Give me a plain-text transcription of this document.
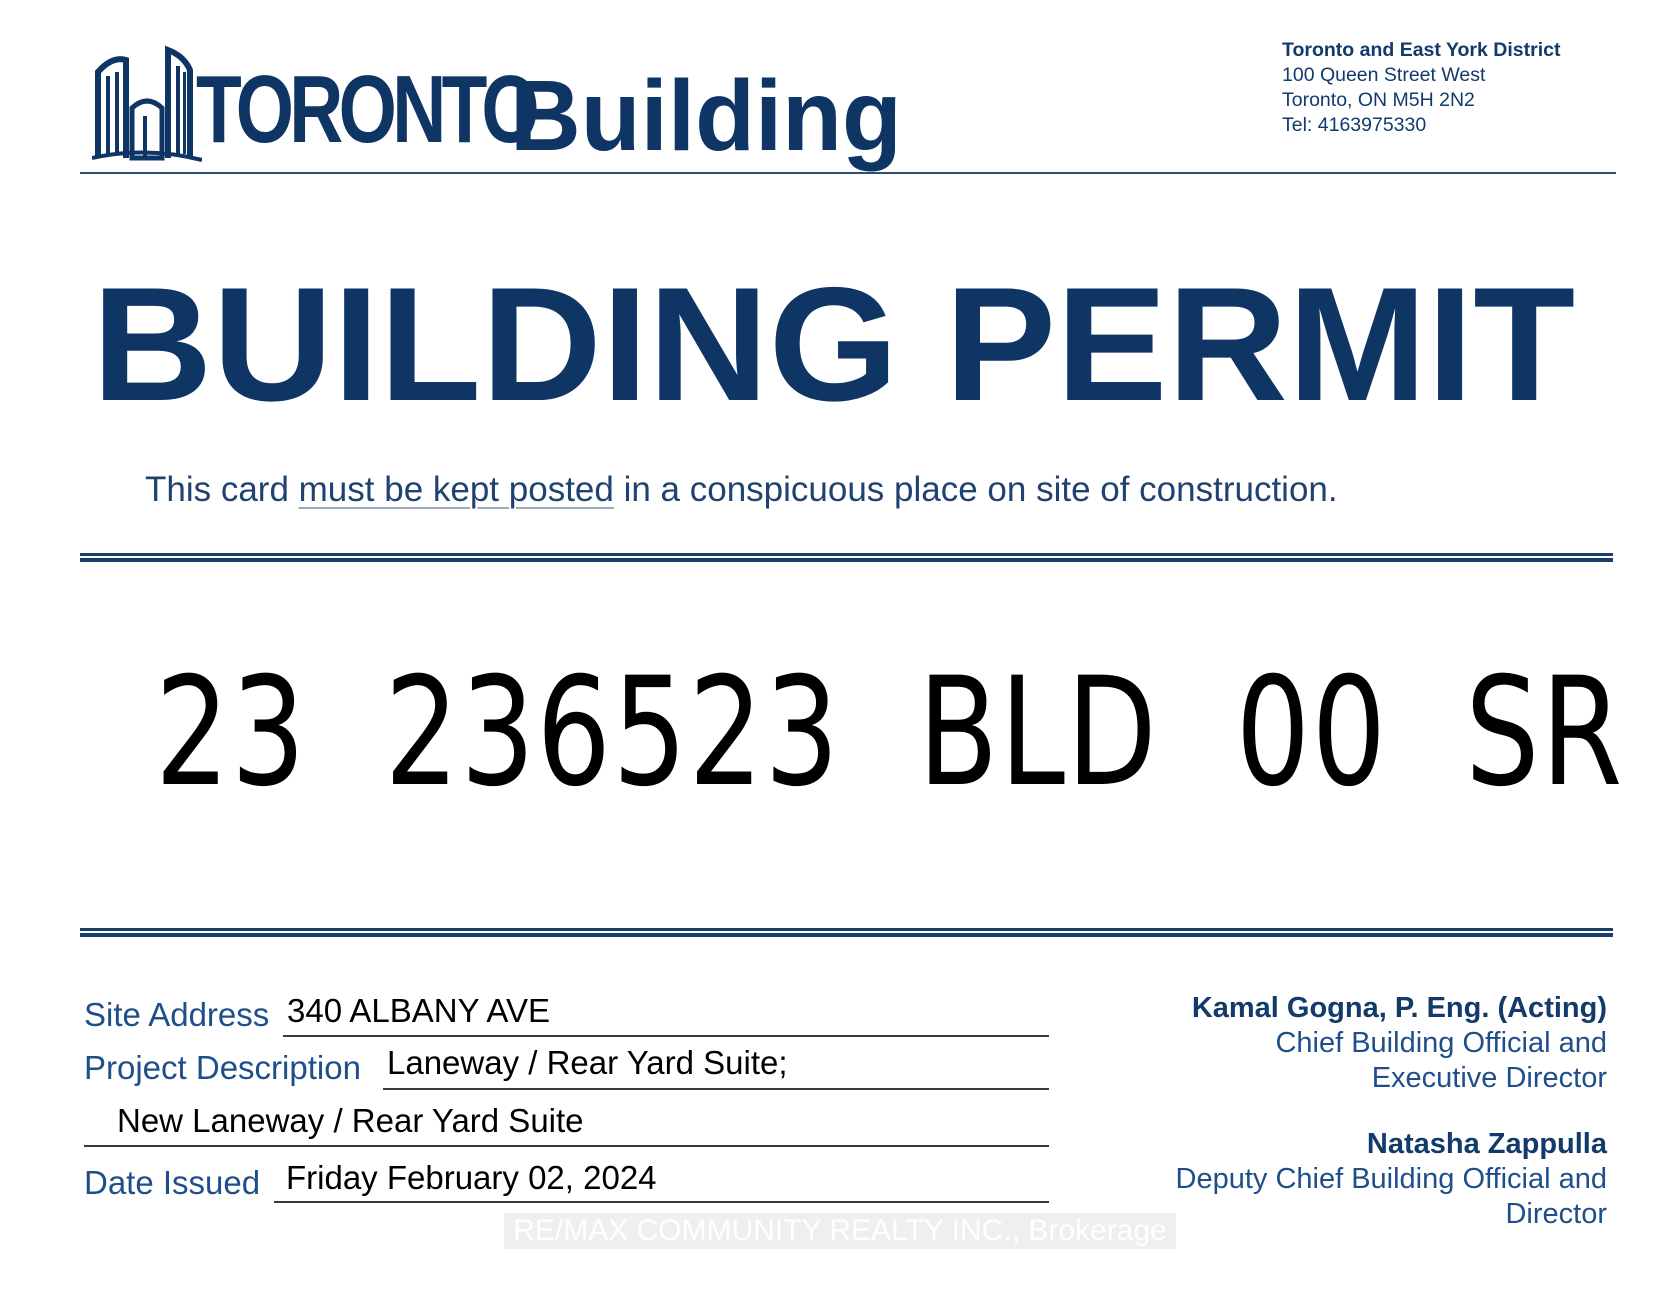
TORONTO
Building
Toronto and East York District
100 Queen Street West
Toronto, ON M5H 2N2
Tel: 4163975330
BUILDING PERMIT
This card must be kept posted in a conspicuous place on site of construction.
23  236523  BLD  00  SR
Site Address 340 ALBANY AVE
Project Description Laneway / Rear Yard Suite;
New Laneway / Rear Yard Suite
Date Issued Friday February 02, 2024
Kamal Gogna, P. Eng. (Acting)
Chief Building Official and
Executive Director
Natasha Zappulla
Deputy Chief Building Official and
Director
RE/MAX COMMUNITY REALTY INC., Brokerage
